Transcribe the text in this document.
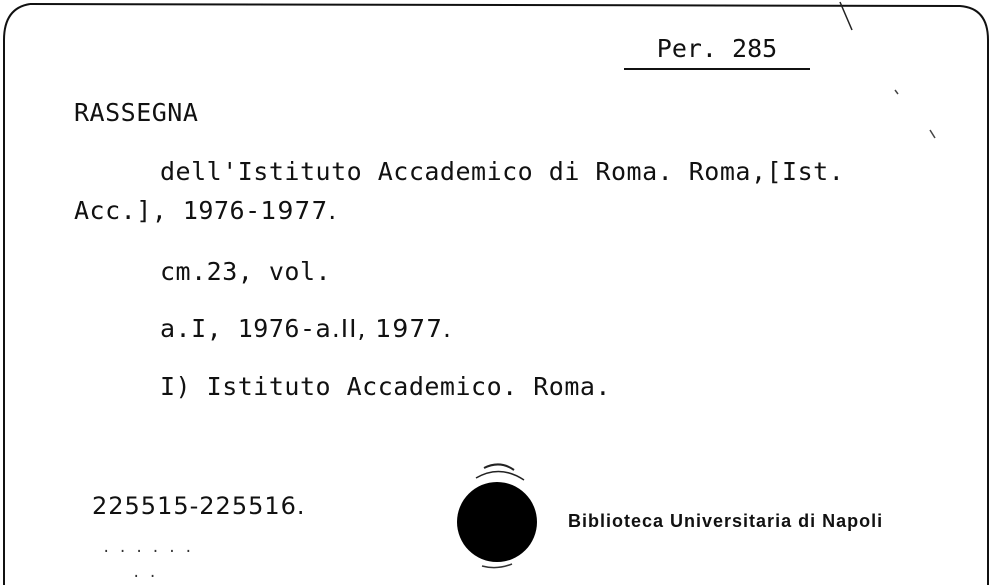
Per. 285
RASSEGNA
dell'Istituto Accademico di Roma. Roma,[Ist.
Acc.], 1976-1977.
cm.23, vol.
a.I, 1976-a.II, 1977.
I) Istituto Accademico. Roma.
225515-225516.
......
..
Biblioteca Universitaria di Napoli
